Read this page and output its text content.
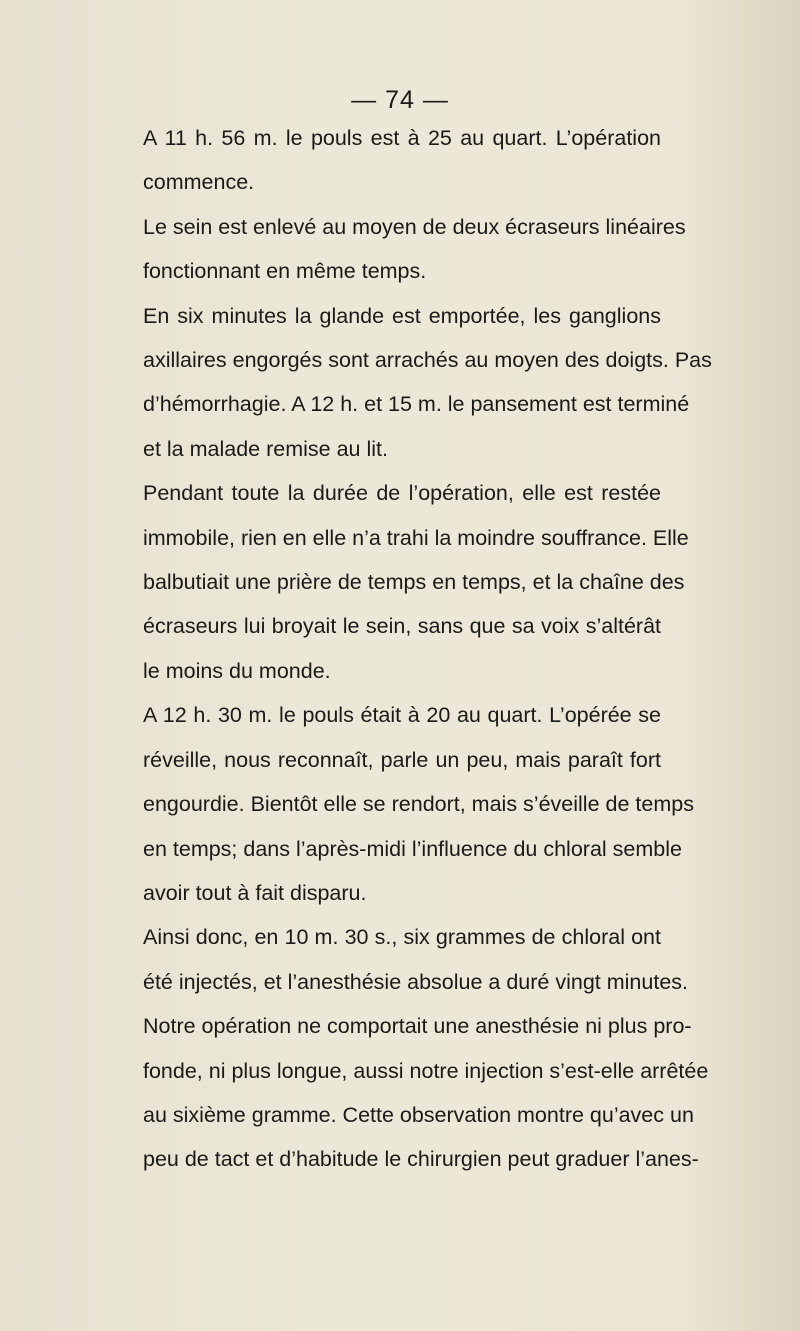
— 74 —

A 11 h. 56 m. le pouls est à 25 au quart. L’opération
commence.

Le sein est enlevé au moyen de deux écraseurs linéaires
fonctionnant en même temps.

En six minutes la glande est emportée, les ganglions
axillaires engorgés sont arrachés au moyen des doigts. Pas
d’hémorrhagie. A 12 h. et 15 m. le pansement est terminé
et la malade remise au lit.

Pendant toute la durée de l’opération, elle est restée
immobile, rien en elle n’a trahi la moindre souffrance. Elle
balbutiait une prière de temps en temps, et la chaîne des
écraseurs lui broyait le sein, sans que sa voix s’altérât
le moins du monde.

A 12 h. 30 m. le pouls était à 20 au quart. L’opérée se
réveille, nous reconnaît, parle un peu, mais paraît fort
engourdie. Bientôt elle se rendort, mais s’éveille de temps
en temps; dans l’après-midi l’influence du chloral semble
avoir tout à fait disparu.

Ainsi donc, en 10 m. 30 s., six grammes de chloral ont
été injectés, et l’anesthésie absolue a duré vingt minutes.

Notre opération ne comportait une anesthésie ni plus pro-
fonde, ni plus longue, aussi notre injection s’est-elle arrêtée
au sixième gramme. Cette observation montre qu’avec un
peu de tact et d’habitude le chirurgien peut graduer l’anes-
